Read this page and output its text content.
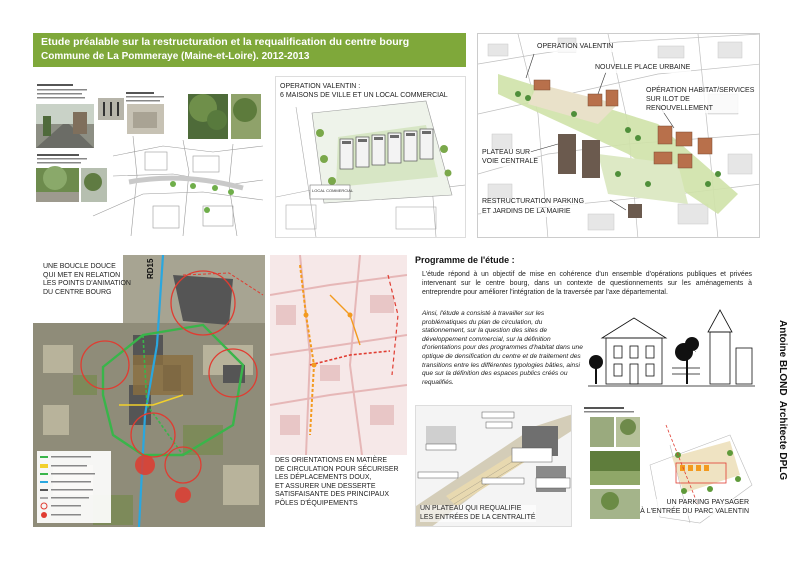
Etude préalable sur la restructuration et la requalification du centre bourg
Commune de La Pommeraye (Maine-et-Loire). 2012-2013
OPERATION VALENTIN :
6 MAISONS DE VILLE ET UN LOCAL COMMERCIAL
LOCAL COMMERCIAL
OPERATION VALENTIN
NOUVELLE PLACE URBAINE
OPÉRATION HABITAT/SERVICES
SUR ILOT DE RENOUVELLEMENT
PLATEAU SUR
VOIE CENTRALE
RESTRUCTURATION PARKING
ET JARDINS DE LA MAIRIE
UNE BOUCLE DOUCE
QUI MET EN RELATION
LES POINTS D'ANIMATION
DU CENTRE BOURG
RD15
DES ORIENTATIONS EN MATIÈRE
DE CIRCULATION POUR SÉCURISER
LES DÉPLACEMENTS DOUX,
ET ASSURER UNE DESSERTE
SATISFAISANTE DES PRINCIPAUX
PÔLES D'ÉQUIPEMENTS
Programme de l'étude :
L'étude répond à un objectif de mise en cohérence d'un ensemble d'opérations publiques et privées intervenant sur le centre bourg, dans un contexte de questionnements sur les aménagements à entreprendre pour améliorer l'intégration de la traversée par l'axe départemental.
Ainsi, l'étude a consisté à travailler sur les problématiques du plan de circulation, du stationnement, sur la question des sites de développement commercial, sur la définition d'orientations pour des programmes d'habitat dans une optique de densification du centre et de traitement des transitions entre les différentes typologies bâties, ainsi que sur la définition des espaces publics créés ou requalifiés.
UN PLATEAU QUI REQUALIFIE
LES ENTRÉES DE LA CENTRALITÉ
UN PARKING PAYSAGER
À L'ENTRÉE DU PARC VALENTIN
Antoine BLOND  Architecte DPLG
